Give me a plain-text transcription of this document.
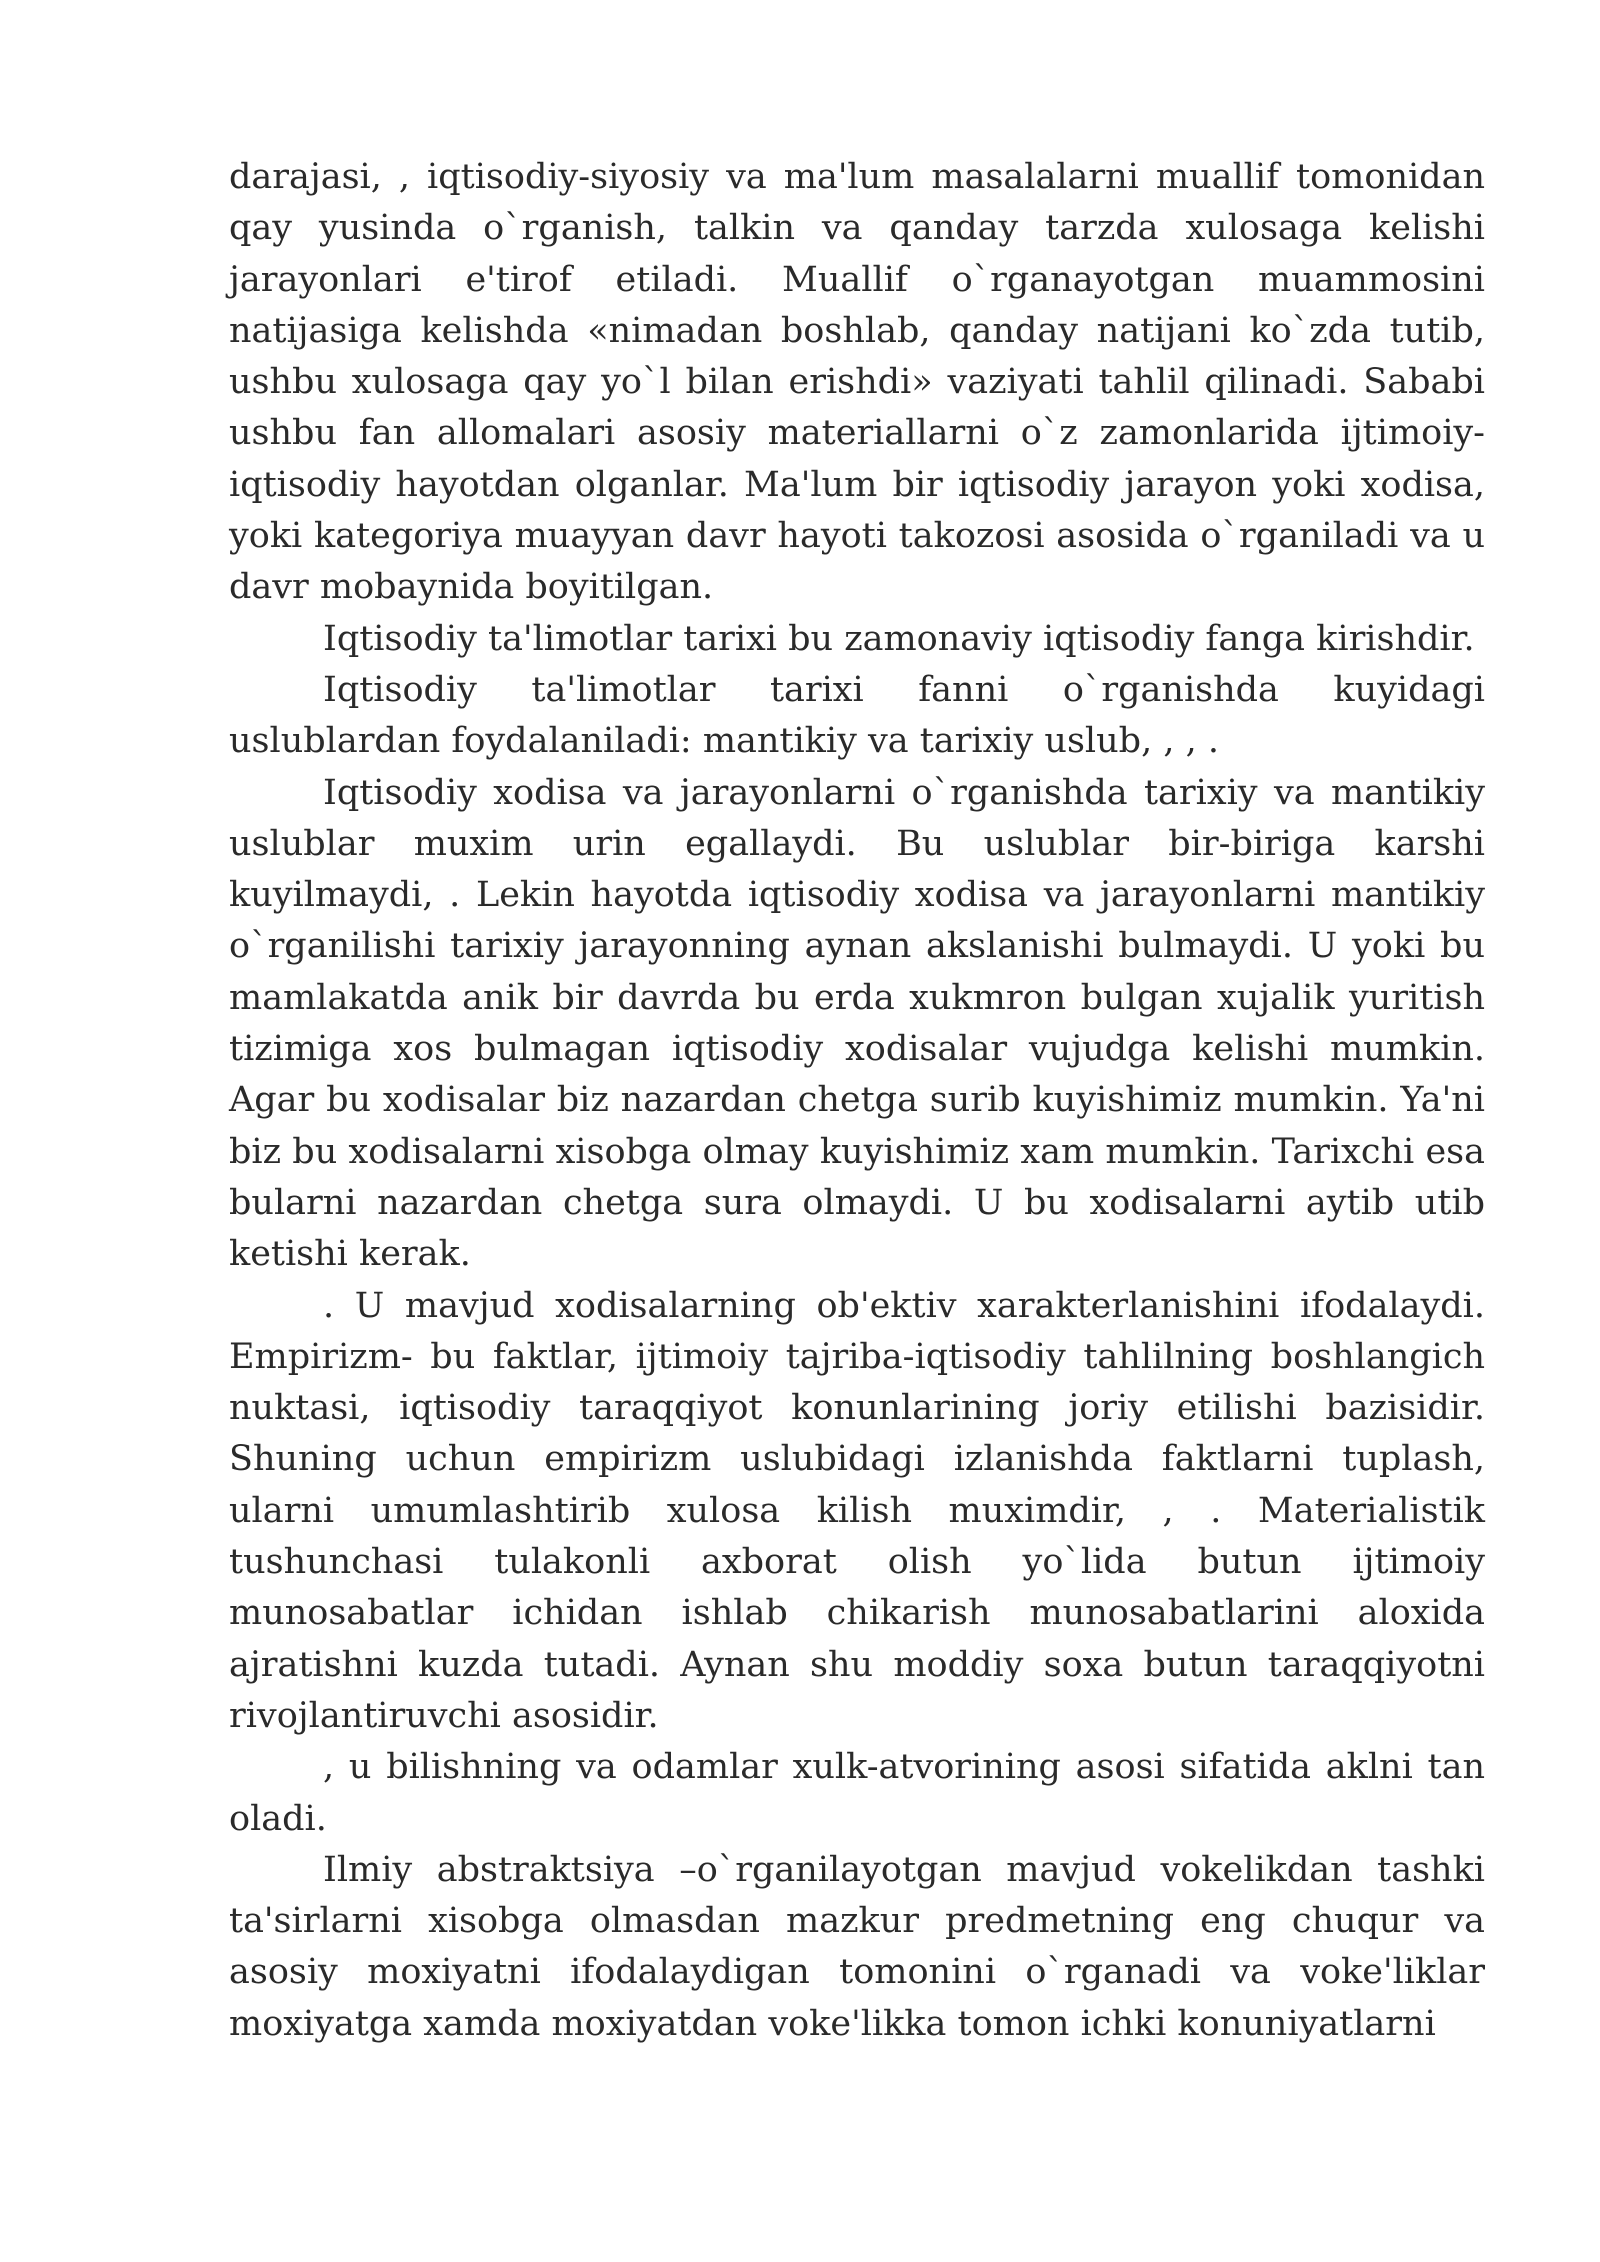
darajasi, , iqtisodiy-siyosiy va ma'lum masalalarni muallif tomonidan qay yusinda o`rganish, talkin va qanday tarzda xulosaga kelishi jarayonlari e'tirof etiladi. Muallif o`rganayotgan muammosini natijasiga kelishda «nimadan boshlab, qanday natijani ko`zda tutib, ushbu xulosaga qay yo`l bilan erishdi» vaziyati tahlil qilinadi. Sababi ushbu fan allomalari asosiy materiallarni o`z zamonlarida ijtimoiy-iqtisodiy hayotdan olganlar. Ma'lum bir iqtisodiy jarayon yoki xodisa, yoki kategoriya muayyan davr hayoti takozosi asosida o`rganiladi va u davr mobaynida boyitilgan.

Iqtisodiy ta'limotlar tarixi bu zamonaviy iqtisodiy fanga kirishdir.

Iqtisodiy ta'limotlar tarixi fanni o`rganishda kuyidagi uslublardan foydalaniladi: mantikiy va tarixiy uslub, , , .

Iqtisodiy xodisa va jarayonlarni o`rganishda tarixiy va mantikiy uslublar muxim urin egallaydi. Bu uslublar bir-biriga karshi kuyilmaydi, . Lekin hayotda iqtisodiy xodisa va jarayonlarni mantikiy o`rganilishi tarixiy jarayonning aynan akslanishi bulmaydi. U yoki bu mamlakatda anik bir davrda bu erda xukmron bulgan xujalik yuritish tizimiga xos bulmagan iqtisodiy xodisalar vujudga kelishi mumkin. Agar bu xodisalar biz nazardan chetga surib kuyishimiz mumkin. Ya'ni biz bu xodisalarni xisobga olmay kuyishimiz xam mumkin. Tarixchi esa bularni nazardan chetga sura olmaydi. U bu xodisalarni aytib utib ketishi kerak.

. U mavjud xodisalarning ob'ektiv xarakterlanishini ifodalaydi. Empirizm- bu faktlar, ijtimoiy tajriba-iqtisodiy tahlilning boshlangich nuktasi, iqtisodiy taraqqiyot konunlarining joriy etilishi bazisidir. Shuning uchun empirizm uslubidagi izlanishda faktlarni tuplash, ularni umumlashtirib xulosa kilish muximdir, , . Materialistik tushunchasi tulakonli axborat olish yo`lida butun ijtimoiy munosabatlar ichidan ishlab chikarish munosabatlarini aloxida ajratishni kuzda tutadi. Aynan shu moddiy soxa butun taraqqiyotni rivojlantiruvchi asosidir.

, u bilishning va odamlar xulk-atvorining asosi sifatida aklni tan oladi.

Ilmiy abstraktsiya –o`rganilayotgan mavjud vokelikdan tashki ta'sirlarni xisobga olmasdan mazkur predmetning eng chuqur va asosiy moxiyatni ifodalaydigan tomonini o`rganadi va voke'liklar moxiyatga xamda moxiyatdan voke'likka tomon ichki konuniyatlarni
